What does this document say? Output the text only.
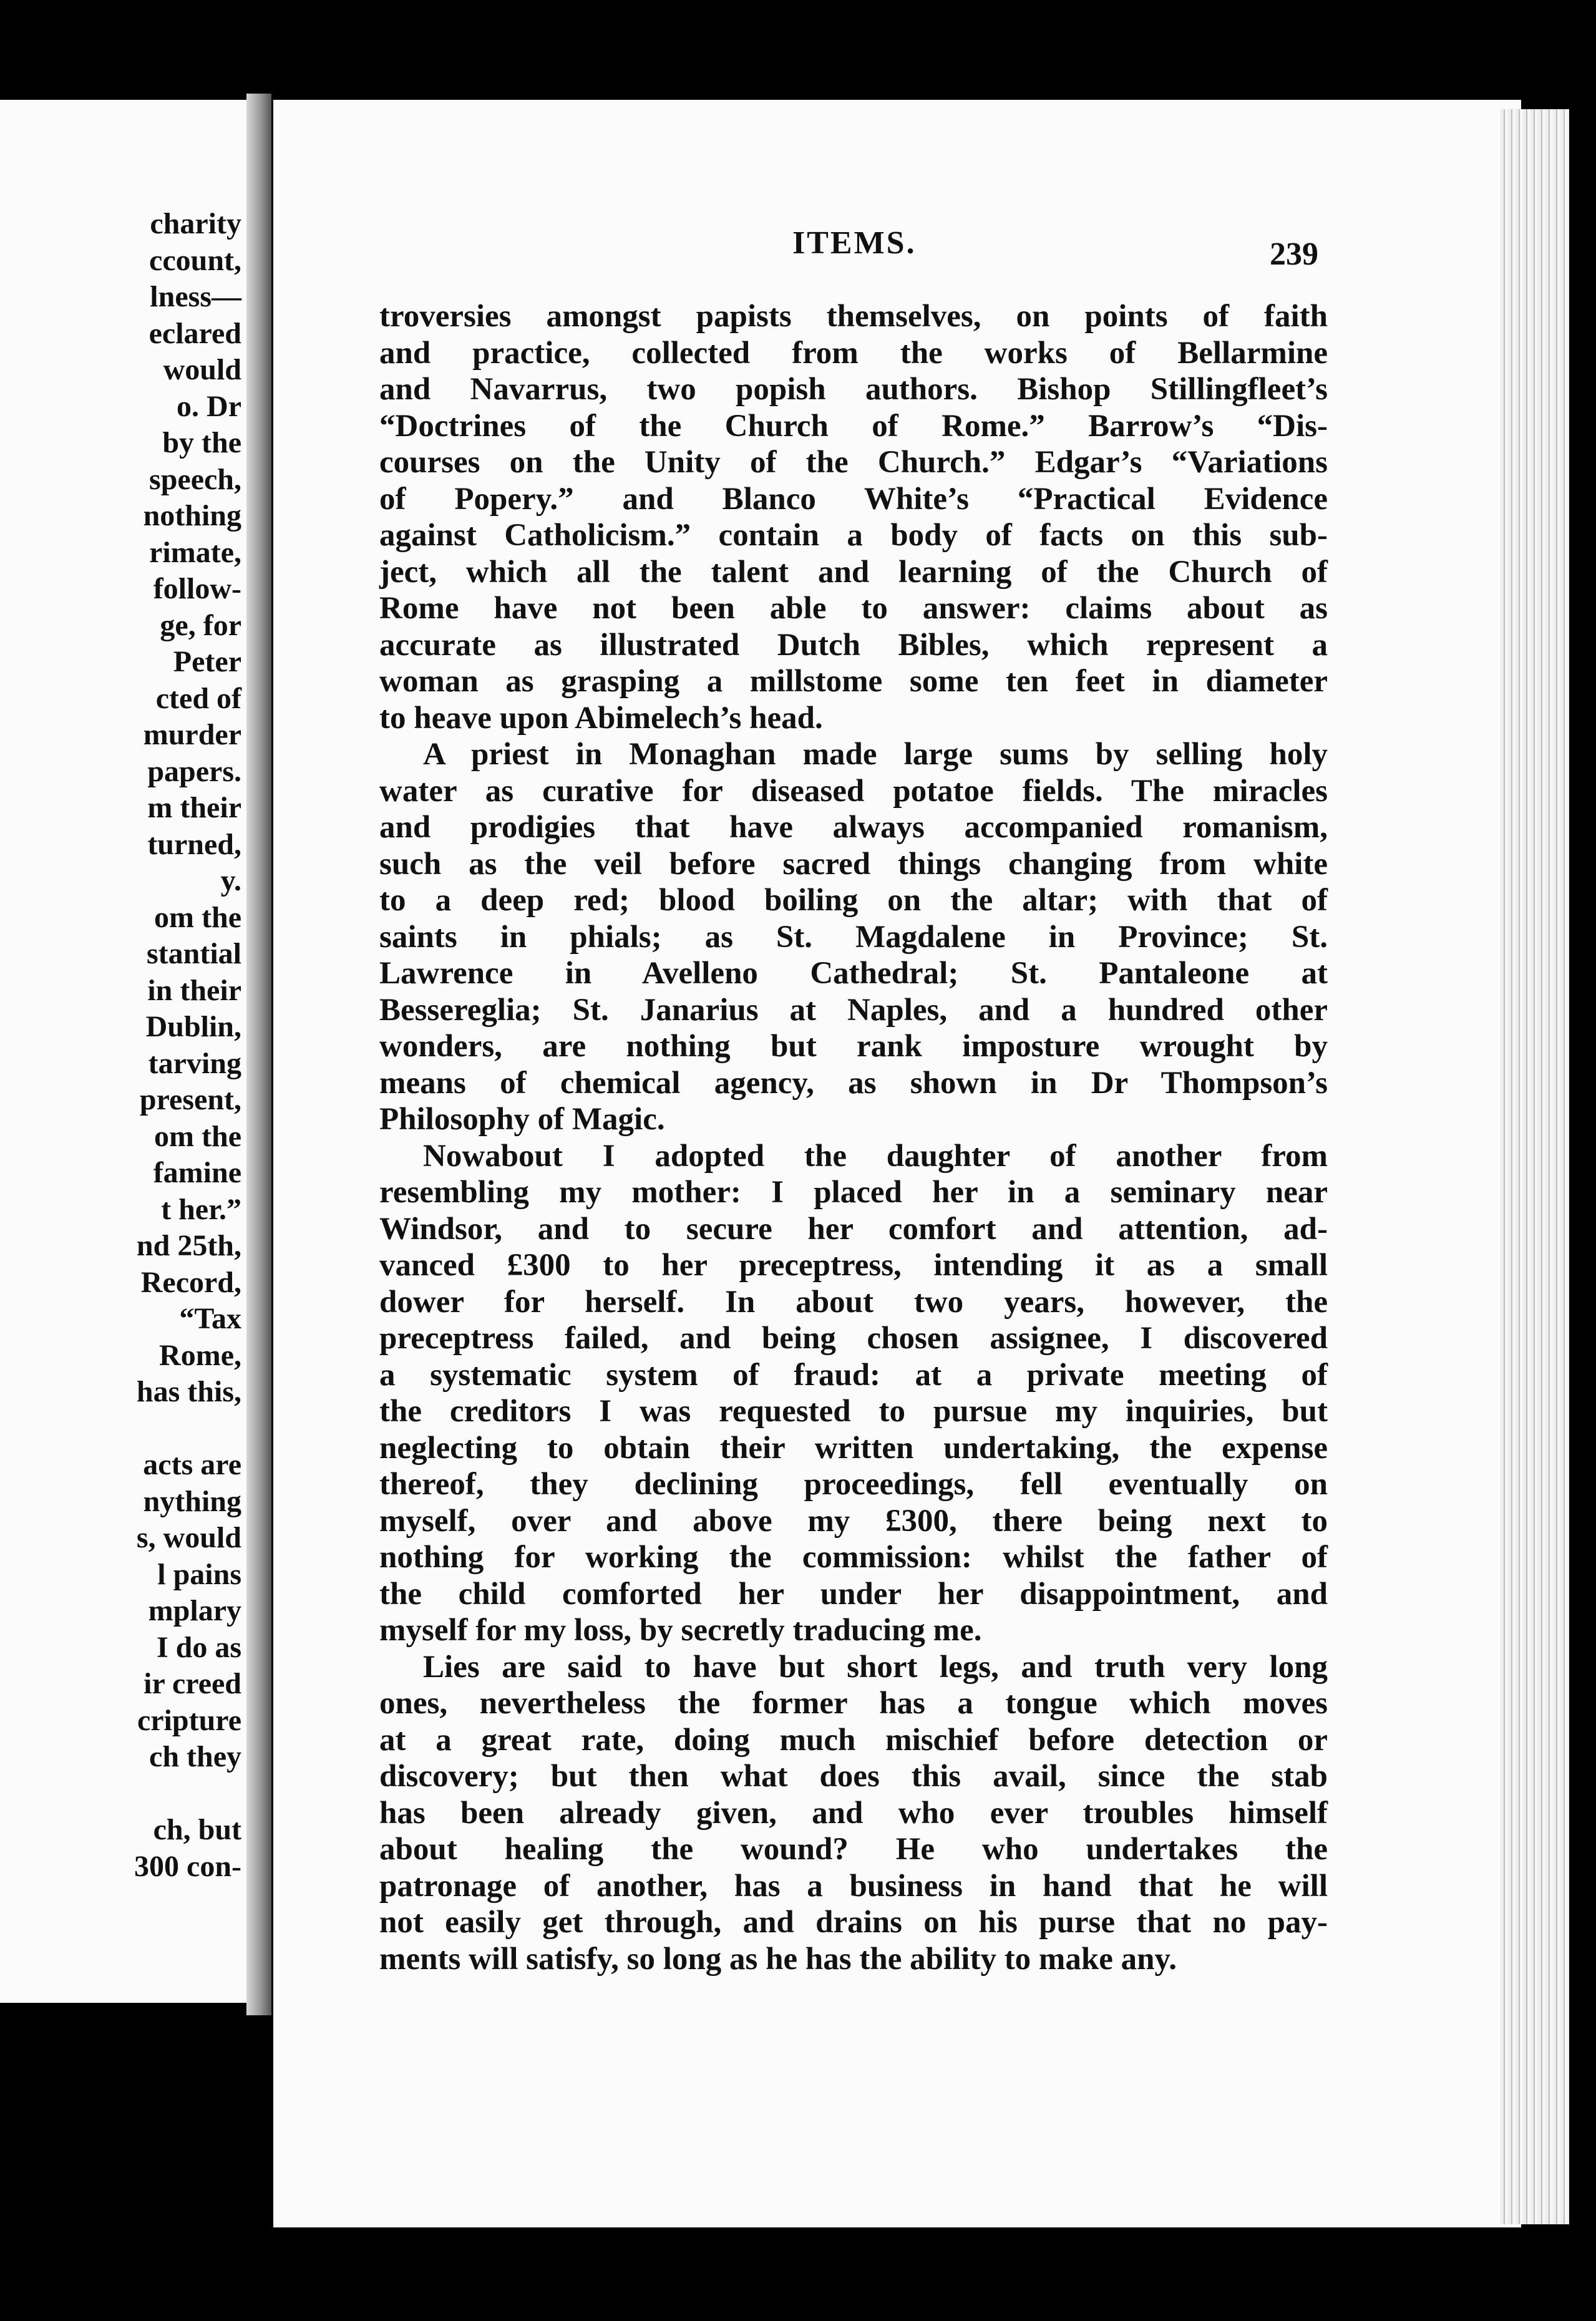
charity
ccount,
lness—
eclared
would
o. Dr
by the
speech,
nothing
rimate,
follow-
ge, for
Peter
cted of
murder
papers.
m their
turned,
y.
om the
stantial
in their
Dublin,
tarving
present,
om the
famine
t her.”
nd 25th,
Record,
“Tax
Rome,
has this,

acts are
nything
s, would
l pains
mplary
I do as
ir creed
cripture
ch they

ch, but
300 con-
ITEMS.	239

troversies amongst papists themselves, on points of faith
and practice, collected from the works of Bellarmine
and Navarrus, two popish authors. Bishop Stillingfleet’s
“Doctrines of the Church of Rome.” Barrow’s “Dis-
courses on the Unity of the Church.” Edgar’s “Variations
of Popery.” and Blanco White’s “Practical Evidence
against Catholicism.” contain a body of facts on this sub-
ject, which all the talent and learning of the Church of
Rome have not been able to answer: claims about as
accurate as illustrated Dutch Bibles, which represent a
woman as grasping a millstome some ten feet in diameter
to heave upon Abimelech’s head.

A priest in Monaghan made large sums by selling holy
water as curative for diseased potatoe fields. The miracles
and prodigies that have always accompanied romanism,
such as the veil before sacred things changing from white
to a deep red; blood boiling on the altar; with that of
saints in phials; as St. Magdalene in Province; St.
Lawrence in Avelleno Cathedral; St. Pantaleone at
Bessereglia; St. Janarius at Naples, and a hundred other
wonders, are nothing but rank imposture wrought by
means of chemical agency, as shown in Dr Thompson’s
Philosophy of Magic.

Nowabout I adopted the daughter of another from
resembling my mother: I placed her in a seminary near
Windsor, and to secure her comfort and attention, ad-
vanced £300 to her preceptress, intending it as a small
dower for herself. In about two years, however, the
preceptress failed, and being chosen assignee, I discovered
a systematic system of fraud: at a private meeting of
the creditors I was requested to pursue my inquiries, but
neglecting to obtain their written undertaking, the expense
thereof, they declining proceedings, fell eventually on
myself, over and above my £300, there being next to
nothing for working the commission: whilst the father of
the child comforted her under her disappointment, and
myself for my loss, by secretly traducing me.

Lies are said to have but short legs, and truth very long
ones, nevertheless the former has a tongue which moves
at a great rate, doing much mischief before detection or
discovery; but then what does this avail, since the stab
has been already given, and who ever troubles himself
about healing the wound? He who undertakes the
patronage of another, has a business in hand that he will
not easily get through, and drains on his purse that no pay-
ments will satisfy, so long as he has the ability to make any.
